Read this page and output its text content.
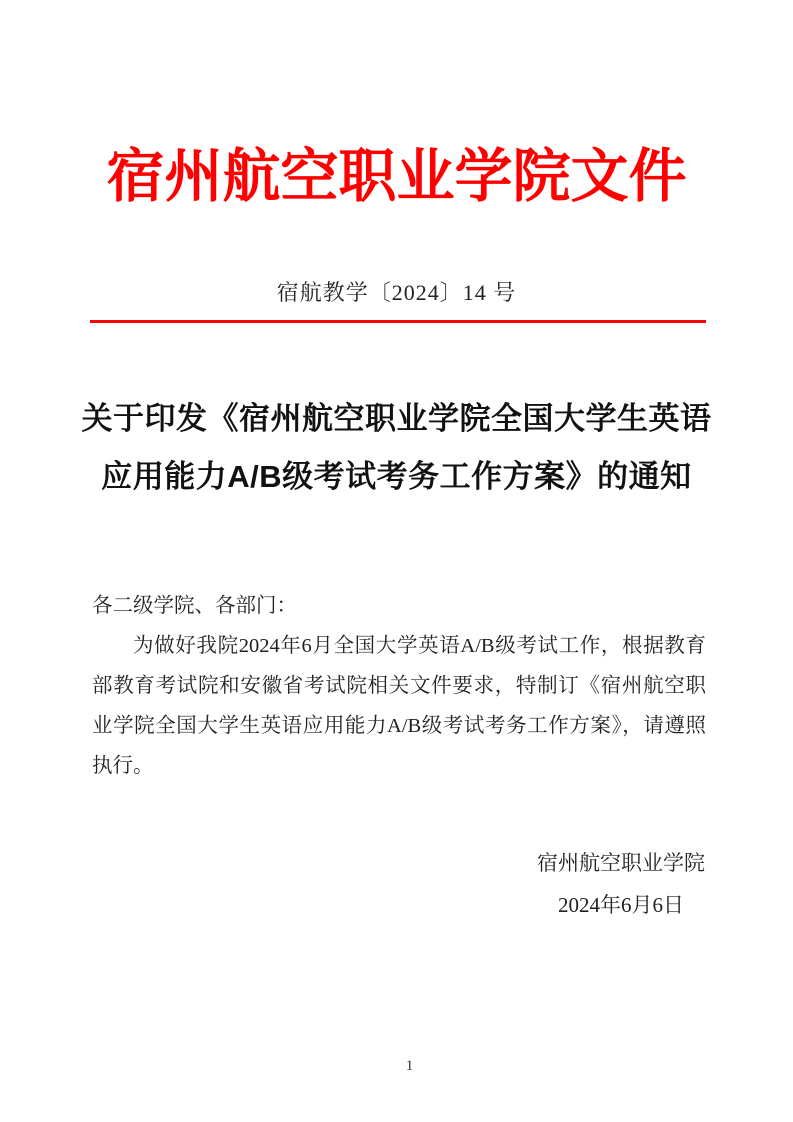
宿州航空职业学院文件
宿航教学〔2024〕14 号
关于印发《宿州航空职业学院全国大学生英语
应用能力A/B级考试考务工作方案》的通知
各二级学院、各部门：

为做好我院2024年6月全国大学英语A/B级考试工作，根据教育部教育考试院和安徽省考试院相关文件要求，特制订《宿州航空职业学院全国大学生英语应用能力A/B级考试考务工作方案》，请遵照执行。

宿州航空职业学院
2024年6月6日
1
